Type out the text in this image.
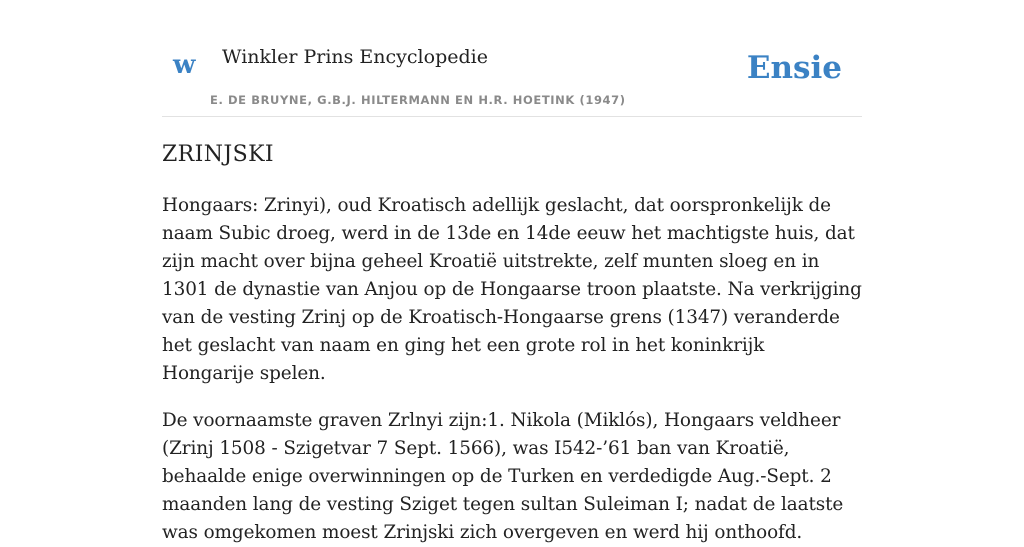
w Winkler Prins Encyclopedie
E. DE BRUYNE, G.B.J. HILTERMANN EN H.R. HOETINK (1947)
Ensie
ZRINJSKI

Hongaars: Zrinyi), oud Kroatisch adellijk geslacht, dat oorspronkelijk de naam Subic droeg, werd in de 13de en 14de eeuw het machtigste huis, dat zijn macht over bijna geheel Kroatië uitstrekte, zelf munten sloeg en in 1301 de dynastie van Anjou op de Hongaarse troon plaatste. Na verkrijging van de vesting Zrinj op de Kroatisch-Hongaarse grens (1347) veranderde het geslacht van naam en ging het een grote rol in het koninkrijk Hongarije spelen.

De voornaamste graven Zrlnyi zijn:1. Nikola (Miklós), Hongaars veldheer (Zrinj 1508 - Szigetvar 7 Sept. 1566), was I542-’61 ban van Kroatië, behaalde enige overwinningen op de Turken en verdedigde Aug.-Sept. 2 maanden lang de vesting Sziget tegen sultan Suleiman I; nadat de laatste was omgekomen moest Zrinjski zich overgeven en werd hij onthoofd.
